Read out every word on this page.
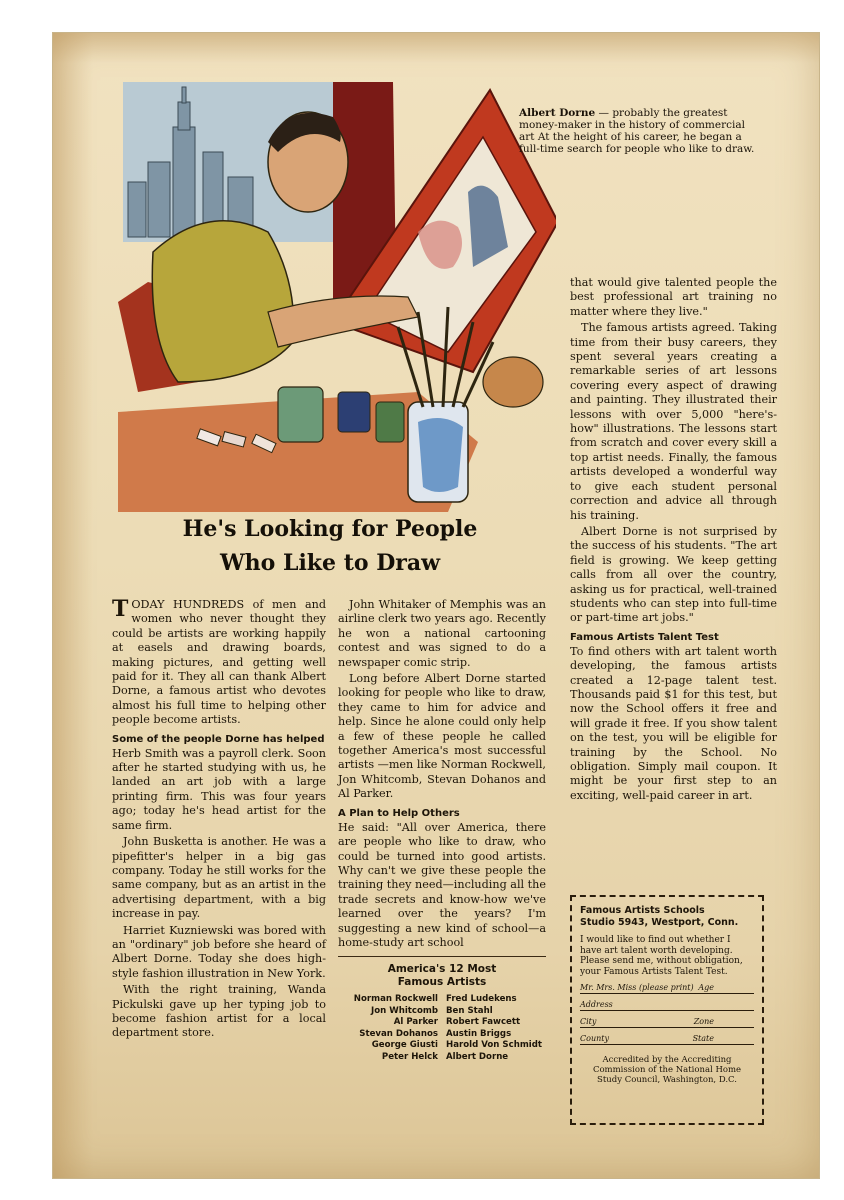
Albert Dorne — probably the greatest money-maker in the history of commercial art At the height of his career, he began a full-time search for people who like to draw.
He's Looking for People
Who Like to Draw

TODAY HUNDREDS of men and women who never thought they could be artists are working happily at easels and drawing boards, making pictures, and getting well paid for it. They all can thank Albert Dorne, a famous artist who devotes almost his full time to helping other people become artists.

Some of the people Dorne has helped

Herb Smith was a payroll clerk. Soon after he started studying with us, he landed an art job with a large printing firm. This was four years ago; today he's head artist for the same firm.

John Busketta is another. He was a pipefitter's helper in a big gas company. Today he still works for the same company, but as an artist in the advertising department, with a big increase in pay.

Harriet Kuzniewski was bored with an "ordinary" job before she heard of Albert Dorne. Today she does high-style fashion illustration in New York.

With the right training, Wanda Pickulski gave up her typing job to become fashion artist for a local department store.

John Whitaker of Memphis was an airline clerk two years ago. Recently he won a national cartooning contest and was signed to do a newspaper comic strip.

Long before Albert Dorne started looking for people who like to draw, they came to him for advice and help. Since he alone could only help a few of these people he called together America's most successful artists —men like Norman Rockwell, Jon Whitcomb, Stevan Dohanos and Al Parker.

A Plan to Help Others

He said: "All over America, there are people who like to draw, who could be turned into good artists. Why can't we give these people the training they need—including all the trade secrets and know-how we've learned over the years? I'm suggesting a new kind of school—a home-study art school

America's 12 Most
Famous Artists
Norman Rockwell Fred Ludekens
Jon Whitcomb Ben Stahl
Al Parker Robert Fawcett
Stevan Dohanos Austin Briggs
George Giusti Harold Von Schmidt
Peter Helck Albert Dorne

that would give talented people the best professional art training no matter where they live."

The famous artists agreed. Taking time from their busy careers, they spent several years creating a remarkable series of art lessons covering every aspect of drawing and painting. They illustrated their lessons with over 5,000 "here's-how" illustrations. The lessons start from scratch and cover every skill a top artist needs. Finally, the famous artists developed a wonderful way to give each student personal correction and advice all through his training.

Albert Dorne is not surprised by the success of his students. "The art field is growing. We keep getting calls from all over the country, asking us for practical, well-trained students who can step into full-time or part-time art jobs."

Famous Artists Talent Test

To find others with art talent worth developing, the famous artists created a 12-page talent test. Thousands paid $1 for this test, but now the School offers it free and will grade it free. If you show talent on the test, you will be eligible for training by the School. No obligation. Simply mail coupon. It might be your first step to an exciting, well-paid career in art.

Famous Artists Schools
Studio 5943, Westport, Conn.
I would like to find out whether I have art talent worth developing. Please send me, without obligation, your Famous Artists Talent Test.
Mr. Mrs. Miss (please print) Age
Address
City	Zone
County	State
Accredited by the Accrediting Commission of the National Home Study Council, Washington, D.C.
